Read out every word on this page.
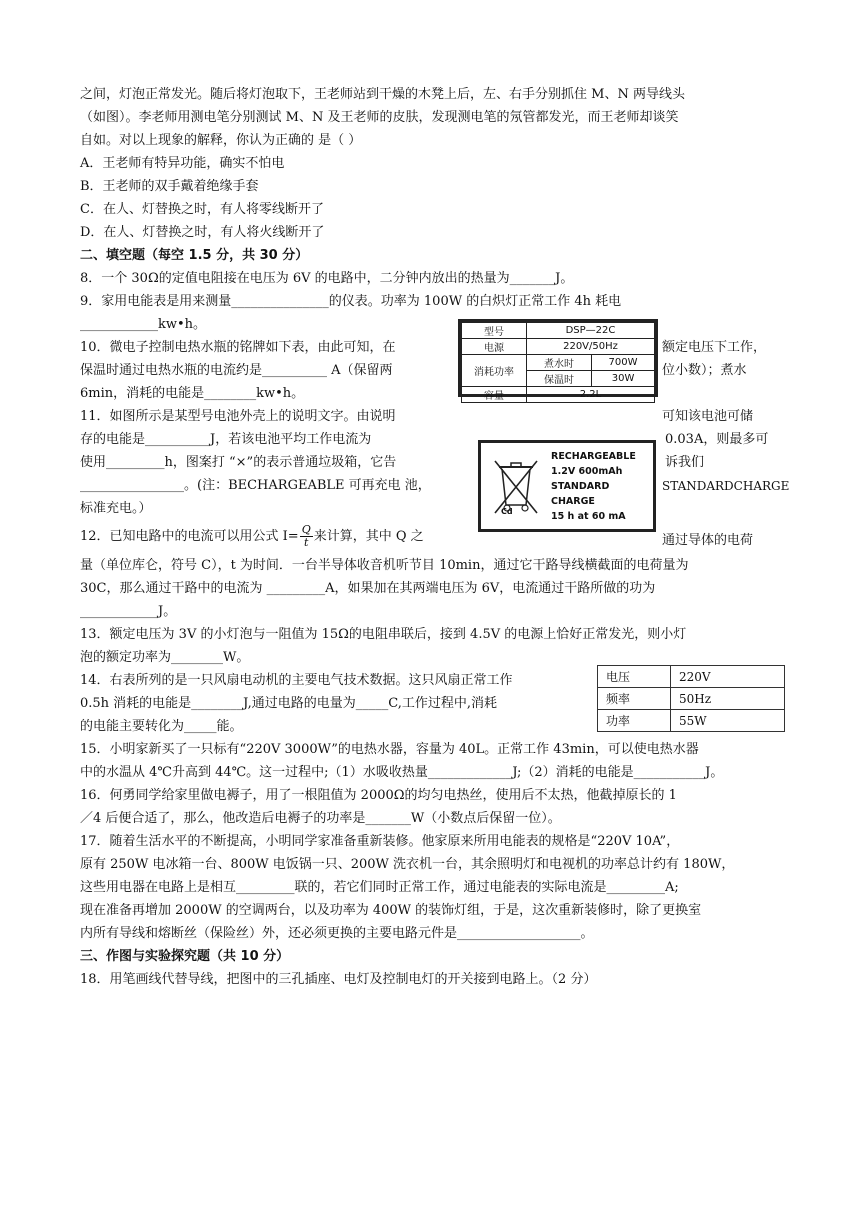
之间，灯泡正常发光。随后将灯泡取下，王老师站到干燥的木凳上后，左、右手分别抓住 M、N 两导线头
（如图）。李老师用测电笔分别测试 M、N 及王老师的皮肤，发现测电笔的氖管都发光，而王老师却谈笑
自如。对以上现象的解释，你认为正确的 是（ ）
A．王老师有特异功能，确实不怕电
B．王老师的双手戴着绝缘手套
C．在人、灯替换之时，有人将零线断开了
D．在人、灯替换之时，有人将火线断开了
二、填空题（每空 1.5 分，共 30 分）
8．一个 30Ω的定值电阻接在电压为 6V 的电路中，二分钟内放出的热量为_______J。
9．家用电能表是用来测量_______________的仪表。功率为 100W 的白炽灯正常工作 4h 耗电
____________kw•h。
10．微电子控制电热水瓶的铭牌如下表，由此可知，在	额定电压下工作，
保温时通过电热水瓶的电流约是__________ A（保留两	位小数）；煮水
6min，消耗的电能是________kw•h。
型号	DSP—22C	
电源	220V/50Hz	
消耗功率	煮水时	700W
	保温时	30W
容量	2.2L	
11．如图所示是某型号电池外壳上的说明文字。由说明	可知该电池可储
存的电能是__________J，若该电池平均工作电流为	0.03A，则最多可
使用_________h，图案打 “×”的表示普通垃圾箱，它告	诉我们
________________。(注：BECHARGEABLE 可再充电 池，	STANDARDCHARGE
标准充电。）	Cd
RECHARGEABLE
1.2V 600mAh
STANDARD
CHARGE
15 h at 60 mA
12．已知电路中的电流可以用公式 $I= \frac{Q}{t}$ 来计算，其中 Q 之	通过导体的电荷
量（单位库仑，符号 C），t 为时间．一台半导体收音机听节目 10min，通过它干路导线横截面的电荷量为
30C，那么通过干路中的电流为 _________A，如果加在其两端电压为 6V，电流通过干路所做的功为
____________J。
13．额定电压为 3V 的小灯泡与一阻值为 15Ω的电阻串联后，接到 4.5V 的电源上恰好正常发光，则小灯
泡的额定功率为________W。
14．右表所列的是一只风扇电动机的主要电气技术数据。这只风扇正常工作
0.5h 消耗的电能是________J,通过电路的电量为_____C,工作过程中,消耗
的电能主要转化为_____能。
电压	220V
频率	50Hz
功率	55W
15．小明家新买了一只标有“220V 3000W”的电热水器，容量为 40L。正常工作 43min，可以使电热水器
中的水温从 4℃升高到 44℃。这一过程中;（1）水吸收热量_____________J;（2）消耗的电能是___________J。
16．何勇同学给家里做电褥子，用了一根阻值为 2000Ω的均匀电热丝，使用后不太热，他截掉原长的 1
／4 后便合适了，那么，他改造后电褥子的功率是_______W（小数点后保留一位）。
17．随着生活水平的不断提高，小明同学家准备重新装修。他家原来所用电能表的规格是“220V 10A”，
原有 250W 电冰箱一台、800W 电饭锅一只、200W 洗衣机一台，其余照明灯和电视机的功率总计约有 180W，
这些用电器在电路上是相互_________联的，若它们同时正常工作，通过电能表的实际电流是_________A;
现在准备再增加 2000W 的空调两台，以及功率为 400W 的装饰灯组，于是，这次重新装修时，除了更换室
内所有导线和熔断丝（保险丝）外，还必须更换的主要电路元件是___________________。
三、作图与实验探究题（共 10 分）
18．用笔画线代替导线，把图中的三孔插座、电灯及控制电灯的开关接到电路上。（2 分）
